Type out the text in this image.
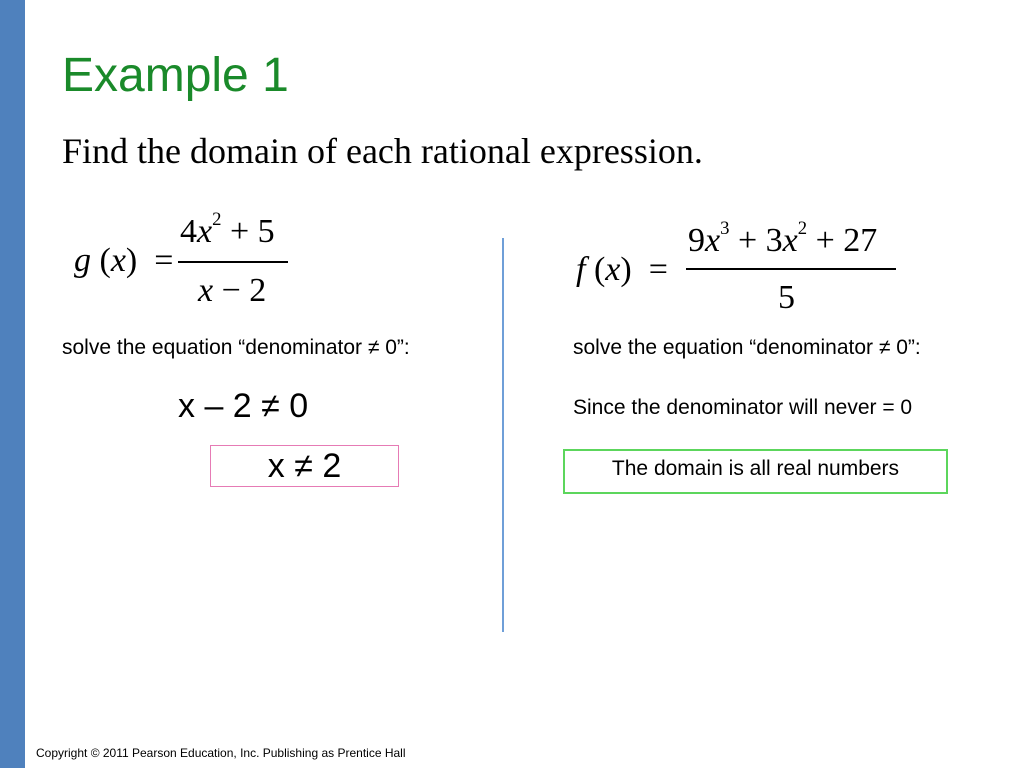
Example 1
Find the domain of each rational expression.
g (x)  =
$4x^2 + 5$
x − 2
f (x)  =
$9x^3 + 3x^2 + 27$
5
solve the equation “denominator ≠ 0”:	solve the equation “denominator ≠ 0”:
x – 2 ≠ 0
x ≠ 2
Since the denominator will never = 0
The domain is all real numbers
Copyright © 2011 Pearson Education, Inc. Publishing as Prentice Hall
